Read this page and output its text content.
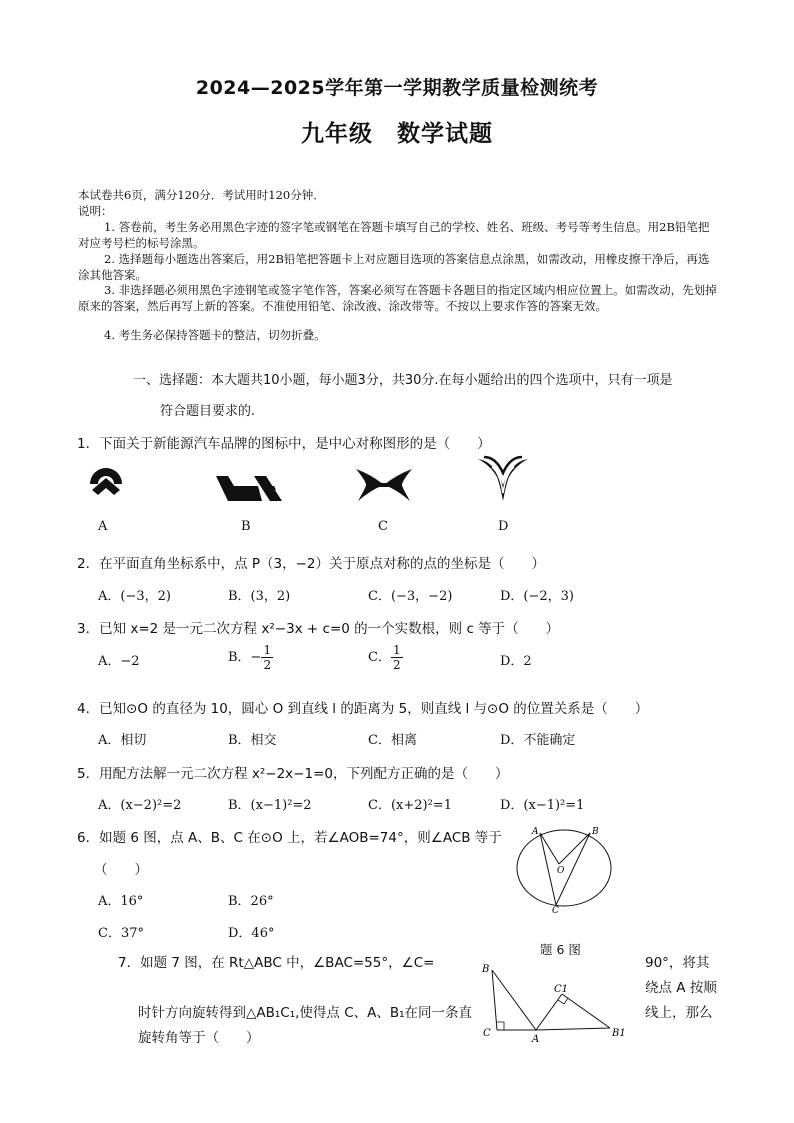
2024—2025学年第一学期教学质量检测统考
九年级　数学试题
本试卷共6页，满分120分．考试用时120分钟．
说明：
1. 答卷前，考生务必用黑色字迹的签字笔或钢笔在答题卡填写自己的学校、姓名、班级、考号等考生信息。用2B铅笔把对应考号栏的标号涂黑。
2. 选择题每小题选出答案后，用2B铅笔把答题卡上对应题目选项的答案信息点涂黑，如需改动，用橡皮擦干净后，再选涂其他答案。
3. 非选择题必须用黑色字迹钢笔或签字笔作答，答案必须写在答题卡各题目的指定区域内相应位置上。如需改动，先划掉原来的答案，然后再写上新的答案。不准使用铅笔、涂改液、涂改带等。不按以上要求作答的答案无效。
4. 考生务必保持答题卡的整洁，切勿折叠。
一、选择题：本大题共10小题，每小题3分，共30分.在每小题给出的四个选项中，只有一项是
符合题目要求的.
1．下面关于新能源汽车品牌的图标中，是中心对称图形的是（　　）
A	B	C	D
2．在平面直角坐标系中，点 P（3，−2）关于原点对称的点的坐标是（　　）
A．(−3，2)	B．(3，2)	C．(−3，−2)	D．(−2，3)
3．已知 x=2 是一元二次方程 x²−3x + c=0 的一个实数根，则 c 等于（　　）
A．−2	B．− $\frac{1}{2}$	C． $\frac{1}{2}$	D．2
4．已知⊙O 的直径为 10，圆心 O 到直线 l 的距离为 5，则直线 l 与⊙O 的位置关系是（　　）
A．相切	B．相交	C．相离	D．不能确定
5．用配方法解一元二次方程 x²−2x−1=0，下列配方正确的是（　　）
A．(x−2)²=2	B．(x−1)²=2	C．(x+2)²=1	D．(x−1)²=1
6．如题 6 图，点 A、B、C 在⊙O 上，若∠AOB=74°，则∠ACB 等于
（　　）
A．16°	B．26°
C．37°	D．46°
A	B
O
C
题 6 图
7．如题 7 图，在 Rt△ABC 中，∠BAC=55°，∠C=	90°，将其
绕点 A 按顺
时针方向旋转得到△AB₁C₁,使得点 C、A、B₁在同一条直	线上，那么
旋转角等于（　　）
B
C
A
C1
B1
